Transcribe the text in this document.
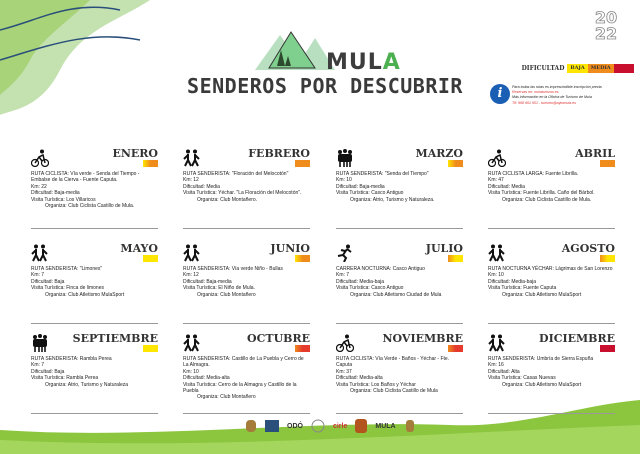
MULA
SENDEROS POR DESCUBRIR
2022
DIFICULTAD	BAJA	MEDIA	ALTA
i	Para todas las rutas es imprescindible inscripción previa.
Reservas en: mulaturismo.es
Más información en la Oficina de Turismo de Mula
Tlf: 968 661 501 - turismo@aytomula.es
ENERO
RUTA CICLISTA: Vía verde - Senda del Tiempo -
Embalse de la Cierva - Fuente Caputa.
Km: 22
Dificultad: Baja-media
Visita Turística: Los Villaricos
Organiza: Club Ciclista Castillo de Mula.
FEBRERO
RUTA SENDERISTA: "Floración del Melocotón"
Km: 12
Dificultad: Media
Visita Turística: Yéchar. "La Floración del Melocotón".
Organiza: Club Montañero.
MARZO
RUTA SENDERISTA: "Senda del Tiempo"
Km: 10
Dificultad: Baja-media
Visita Turística: Casco Antiguo
Organiza: Atrio, Turismo y Naturaleza.
ABRIL
RUTA CICLISTA LARGA: Fuente Librilla.
Km: 47
Dificultad: Media
Visita Turística: Fuente Librilla. Caño del Bárbol.
Organiza: Club Ciclista Castillo de Mula.
MAYO
RUTA SENDERISTA: "Limones"
Km: 7
Dificultad: Baja
Visita Turística: Finca de limones
Organiza: Club Atletismo MulaSport
JUNIO
RUTA SENDERISTA: Vía verde Niño - Bullas
Km: 12
Dificultad: Baja-media
Visita Turística: El Niño de Mula.
Organiza: Club Montañero
JULIO
CARRERA NOCTURNA: Casco Antiguo
Km: 7
Dificultad: Media-baja
Visita Turística: Casco Antiguo
Organiza: Club Atletismo Ciudad de Mula
AGOSTO
RUTA NOCTURNA YÉCHAR: Lágrimas de San Lorenzo
Km: 10
Dificultad: Media-baja
Visita Turística: Fuente Caputa
Organiza: Club Atletismo MulaSport
SEPTIEMBRE
RUTA SENDERISTA: Rambla Perea
Km: 7
Dificultad: Baja
Visita Turística: Rambla Perea
Organiza: Atrio, Turismo y Naturaleza
OCTUBRE
RUTA SENDERISTA: Castillo de La Puebla y Cerro de
La Almagra.
Km: 10
Dificultad: Media-alta
Visita Turística: Cerro de la Almagra y Castillo de la Puebla
Organiza: Club Montañero
NOVIEMBRE
RUTA CICLISTA: Vía Verde - Baños - Yéchar - Fte. Caputa
Km: 37
Dificultad: Media-alta
Visita Turística: Los Baños y Yéchar
Organiza: Club Ciclista Castillo de Mula
DICIEMBRE
RUTA SENDERISTA: Umbría de Sierra Espuña
Km: 16
Dificultad: Alta
Visita Turística: Casas Nuevas
Organiza: Club Atletismo MulaSport
ODÓ	cirle	MULA
